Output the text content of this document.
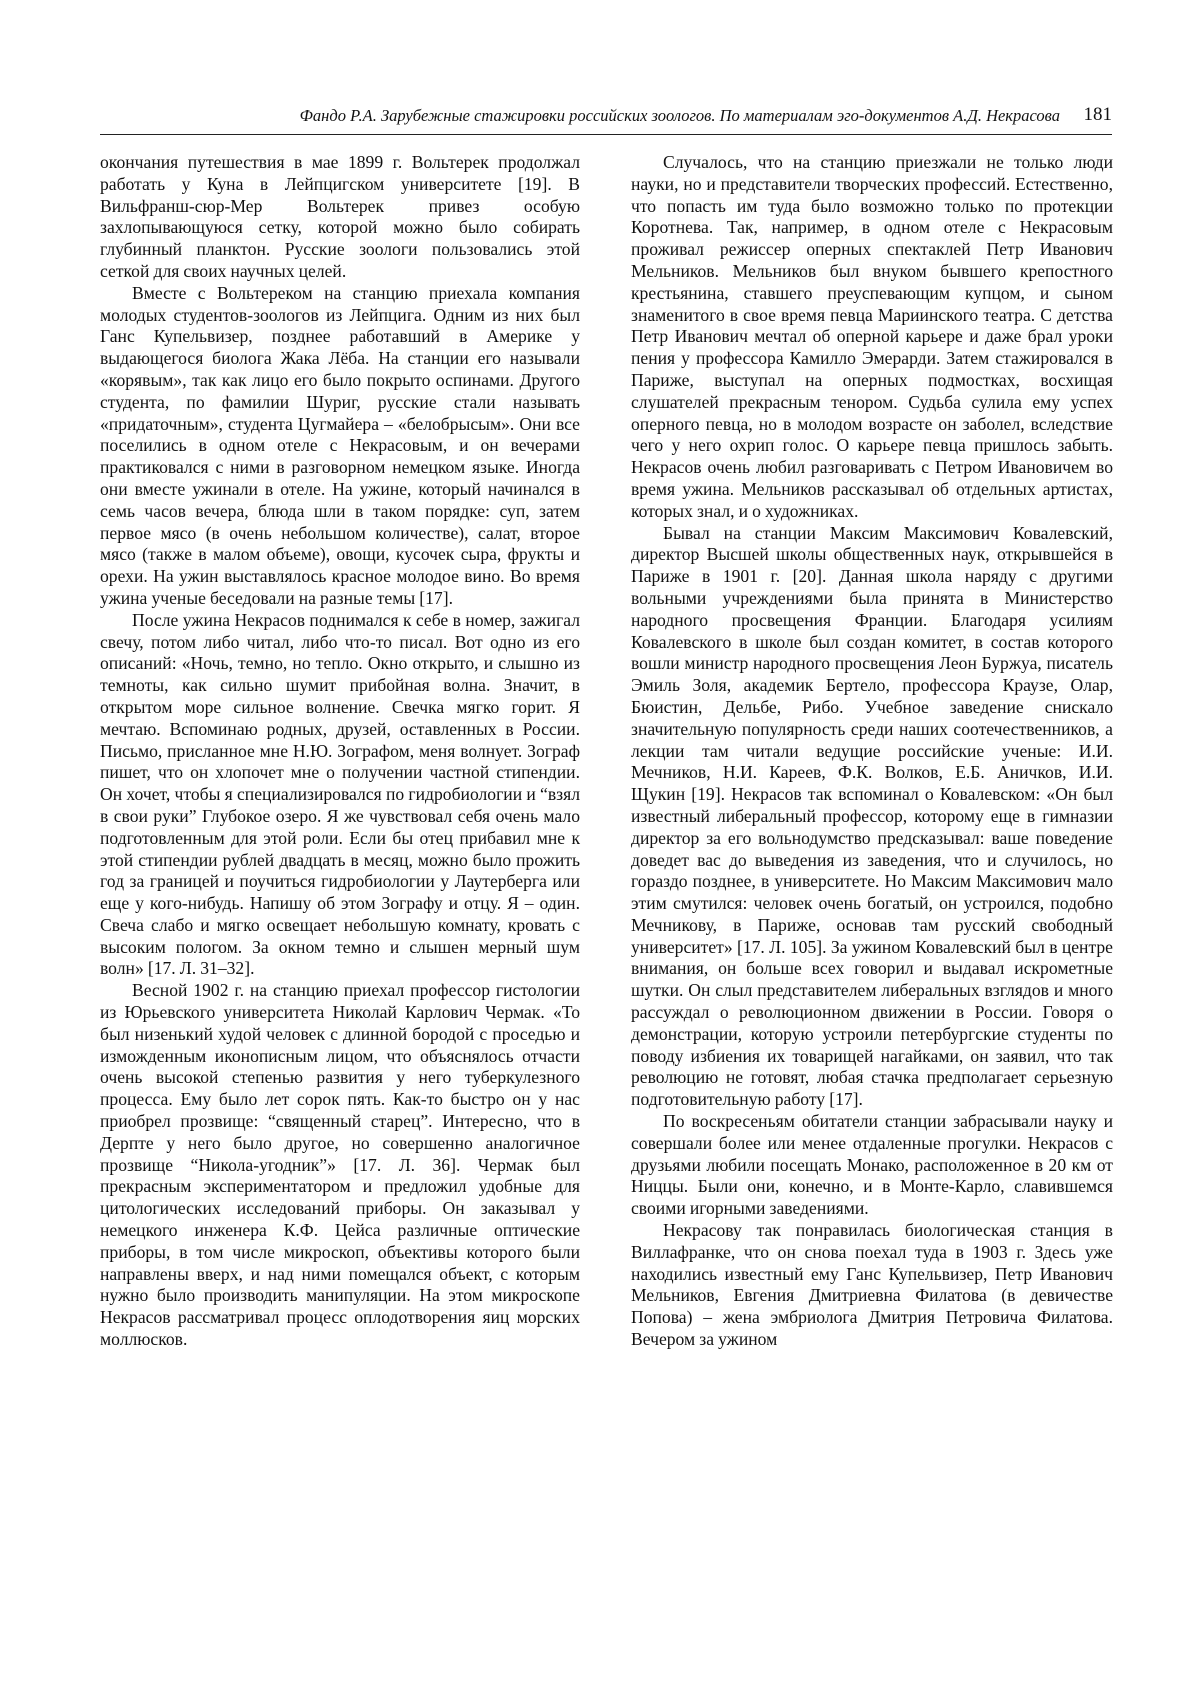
Фандо Р.А. Зарубежные стажировки российских зоологов. По материалам эго-документов А.Д. Некрасова 181

окончания путешествия в мае 1899 г. Вольтерек продолжал работать у Куна в Лейпцигском университете [19]. В Вильфранш-сюр-Мер Вольтерек привез особую захлопывающуюся сетку, которой можно было собирать глубинный планктон. Русские зоологи пользовались этой сеткой для своих научных целей.

Вместе с Вольтереком на станцию приехала компания молодых студентов-зоологов из Лейпцига. Одним из них был Ганс Купельвизер, позднее работавший в Америке у выдающегося биолога Жака Лёба. На станции его называли «корявым», так как лицо его было покрыто оспинами. Другого студента, по фамилии Шуриг, русские стали называть «придаточным», студента Цугмайера – «белобрысым». Они все поселились в одном отеле с Некрасовым, и он вечерами практиковался с ними в разговорном немецком языке. Иногда они вместе ужинали в отеле. На ужине, который начинался в семь часов вечера, блюда шли в таком порядке: суп, затем первое мясо (в очень небольшом количестве), салат, второе мясо (также в малом объеме), овощи, кусочек сыра, фрукты и орехи. На ужин выставлялось красное молодое вино. Во время ужина ученые беседовали на разные темы [17].

После ужина Некрасов поднимался к себе в номер, зажигал свечу, потом либо читал, либо что-то писал. Вот одно из его описаний: «Ночь, темно, но тепло. Окно открыто, и слышно из темноты, как сильно шумит прибойная волна. Значит, в открытом море сильное волнение. Свечка мягко горит. Я мечтаю. Вспоминаю родных, друзей, оставленных в России. Письмо, присланное мне Н.Ю. Зографом, меня волнует. Зограф пишет, что он хлопочет мне о получении частной стипендии. Он хочет, чтобы я специализировался по гидробиологии и “взял в свои руки” Глубокое озеро. Я же чувствовал себя очень мало подготовленным для этой роли. Если бы отец прибавил мне к этой стипендии рублей двадцать в месяц, можно было прожить год за границей и поучиться гидробиологии у Лаутерберга или еще у кого-нибудь. Напишу об этом Зографу и отцу. Я – один. Свеча слабо и мягко освещает небольшую комнату, кровать с высоким пологом. За окном темно и слышен мерный шум волн» [17. Л. 31–32].

Весной 1902 г. на станцию приехал профессор гистологии из Юрьевского университета Николай Карлович Чермак. «То был низенький худой человек с длинной бородой с проседью и изможденным иконописным лицом, что объяснялось отчасти очень высокой степенью развития у него туберкулезного процесса. Ему было лет сорок пять. Как-то быстро он у нас приобрел прозвище: “священный старец”. Интересно, что в Дерпте у него было другое, но совершенно аналогичное прозвище “Никола-угодник”» [17. Л. 36]. Чермак был прекрасным экспериментатором и предложил удобные для цитологических исследований приборы. Он заказывал у немецкого инженера К.Ф. Цейса различные оптические приборы, в том числе микроскоп, объективы которого были направлены вверх, и над ними помещался объект, с которым нужно было производить манипуляции. На этом микроскопе Некрасов рассматривал процесс оплодотворения яиц морских моллюсков.

Случалось, что на станцию приезжали не только люди науки, но и представители творческих профессий. Естественно, что попасть им туда было возможно только по протекции Коротнева. Так, например, в одном отеле с Некрасовым проживал режиссер оперных спектаклей Петр Иванович Мельников. Мельников был внуком бывшего крепостного крестьянина, ставшего преуспевающим купцом, и сыном знаменитого в свое время певца Мариинского театра. С детства Петр Иванович мечтал об оперной карьере и даже брал уроки пения у профессора Камилло Эмерарди. Затем стажировался в Париже, выступал на оперных подмостках, восхищая слушателей прекрасным тенором. Судьба сулила ему успех оперного певца, но в молодом возрасте он заболел, вследствие чего у него охрип голос. О карьере певца пришлось забыть. Некрасов очень любил разговаривать с Петром Ивановичем во время ужина. Мельников рассказывал об отдельных артистах, которых знал, и о художниках.

Бывал на станции Максим Максимович Ковалевский, директор Высшей школы общественных наук, открывшейся в Париже в 1901 г. [20]. Данная школа наряду с другими вольными учреждениями была принята в Министерство народного просвещения Франции. Благодаря усилиям Ковалевского в школе был создан комитет, в состав которого вошли министр народного просвещения Леон Буржуа, писатель Эмиль Золя, академик Бертело, профессора Краузе, Олар, Бюистин, Дельбе, Рибо. Учебное заведение снискало значительную популярность среди наших соотечественников, а лекции там читали ведущие российские ученые: И.И. Мечников, Н.И. Кареев, Ф.К. Волков, Е.Б. Аничков, И.И. Щукин [19]. Некрасов так вспоминал о Ковалевском: «Он был известный либеральный профессор, которому еще в гимназии директор за его вольнодумство предсказывал: ваше поведение доведет вас до выведения из заведения, что и случилось, но гораздо позднее, в университете. Но Максим Максимович мало этим смутился: человек очень богатый, он устроился, подобно Мечникову, в Париже, основав там русский свободный университет» [17. Л. 105]. За ужином Ковалевский был в центре внимания, он больше всех говорил и выдавал искрометные шутки. Он слыл представителем либеральных взглядов и много рассуждал о революционном движении в России. Говоря о демонстрации, которую устроили петербургские студенты по поводу избиения их товарищей нагайками, он заявил, что так революцию не готовят, любая стачка предполагает серьезную подготовительную работу [17].

По воскресеньям обитатели станции забрасывали науку и совершали более или менее отдаленные прогулки. Некрасов с друзьями любили посещать Монако, расположенное в 20 км от Ниццы. Были они, конечно, и в Монте-Карло, славившемся своими игорными заведениями.

Некрасову так понравилась биологическая станция в Виллафранке, что он снова поехал туда в 1903 г. Здесь уже находились известный ему Ганс Купельвизер, Петр Иванович Мельников, Евгения Дмитриевна Филатова (в девичестве Попова) – жена эмбриолога Дмитрия Петровича Филатова. Вечером за ужином
